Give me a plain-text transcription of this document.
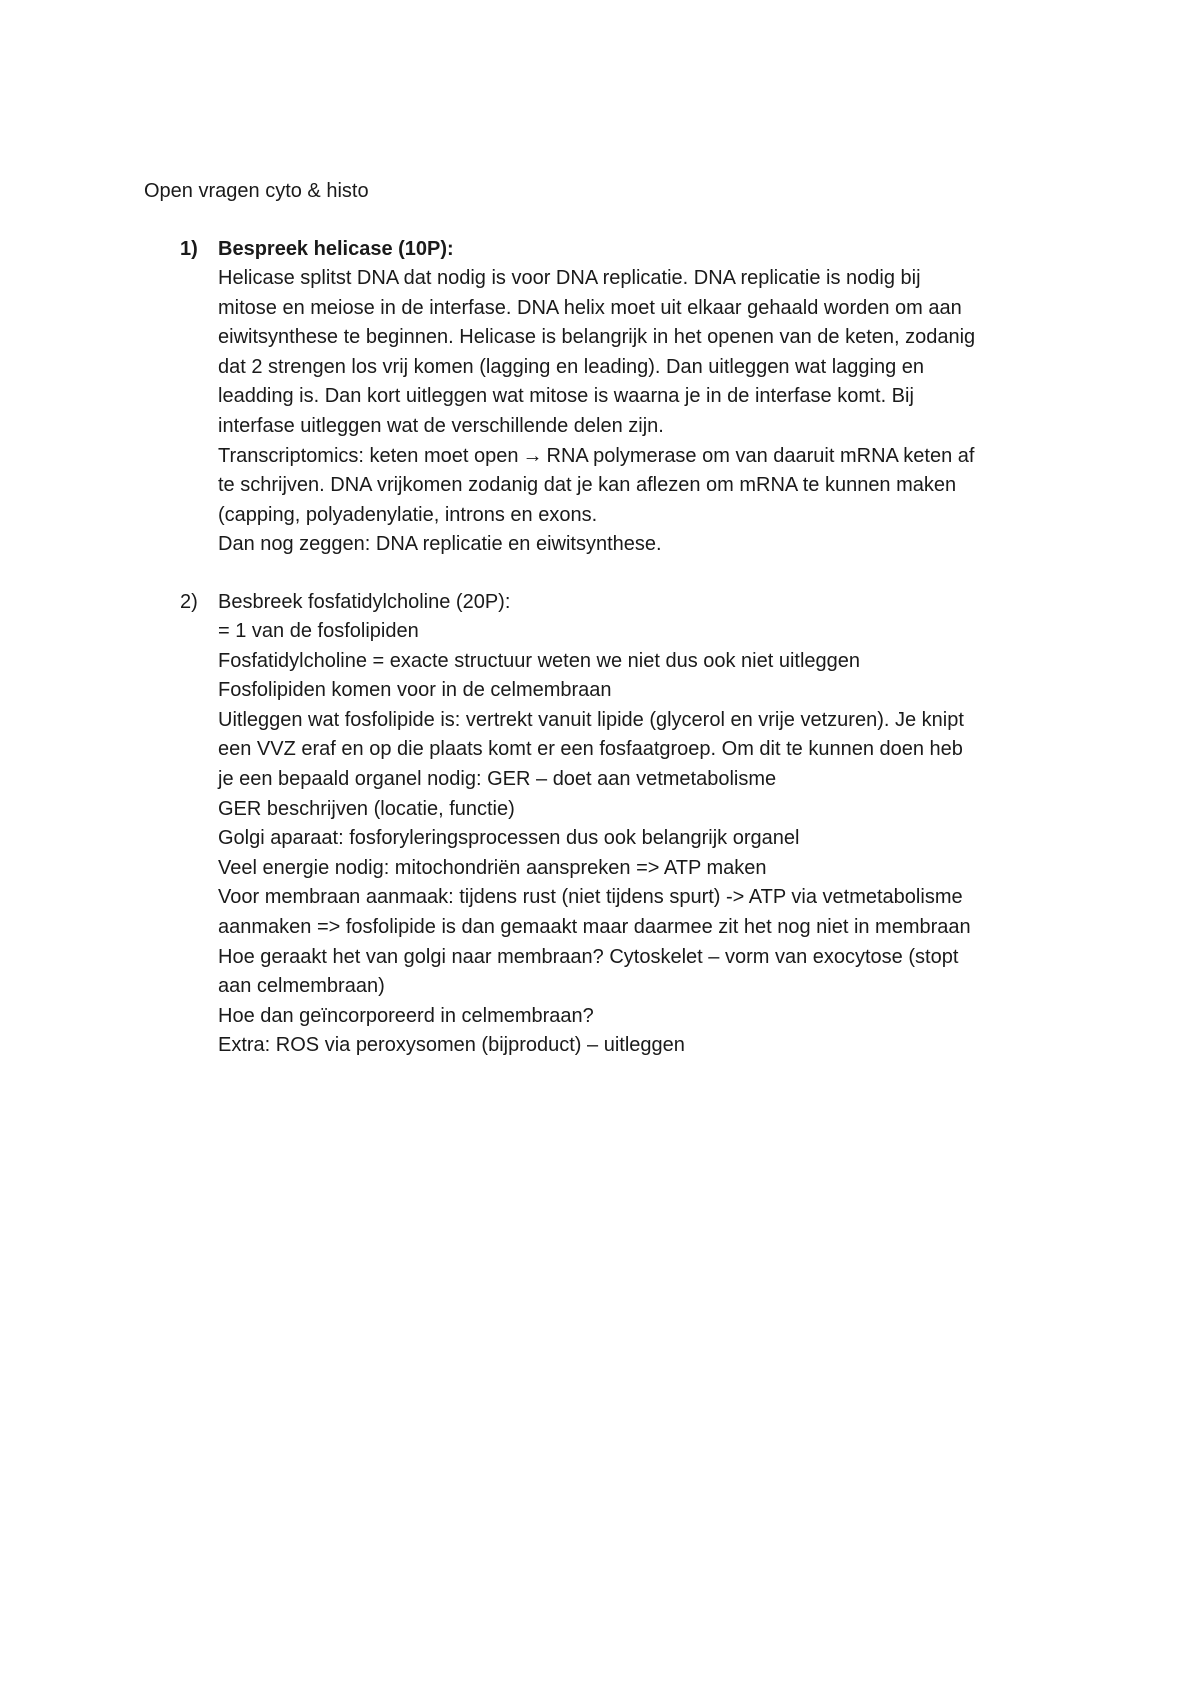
Open vragen cyto & histo
1) Bespreek helicase (10P):
Helicase splitst DNA dat nodig is voor DNA replicatie. DNA replicatie is nodig bij
mitose en meiose in de interfase. DNA helix moet uit elkaar gehaald worden om aan
eiwitsynthese te beginnen. Helicase is belangrijk in het openen van de keten, zodanig
dat 2 strengen los vrij komen (lagging en leading). Dan uitleggen wat lagging en
leadding is. Dan kort uitleggen wat mitose is waarna je in de interfase komt. Bij
interfase uitleggen wat de verschillende delen zijn.
Transcriptomics: keten moet open → RNA polymerase om van daaruit mRNA keten af
te schrijven. DNA vrijkomen zodanig dat je kan aflezen om mRNA te kunnen maken
(capping, polyadenylatie, introns en exons.
Dan nog zeggen: DNA replicatie en eiwitsynthese.
2) Besbreek fosfatidylcholine (20P):
= 1 van de fosfolipiden
Fosfatidylcholine = exacte structuur weten we niet dus ook niet uitleggen
Fosfolipiden komen voor in de celmembraan
Uitleggen wat fosfolipide is: vertrekt vanuit lipide (glycerol en vrije vetzuren). Je knipt
een VVZ eraf en op die plaats komt er een fosfaatgroep. Om dit te kunnen doen heb
je een bepaald organel nodig: GER – doet aan vetmetabolisme
GER beschrijven (locatie, functie)
Golgi aparaat: fosforyleringsprocessen dus ook belangrijk organel
Veel energie nodig: mitochondriën aanspreken => ATP maken
Voor membraan aanmaak: tijdens rust (niet tijdens spurt) -> ATP via vetmetabolisme
aanmaken => fosfolipide is dan gemaakt maar daarmee zit het nog niet in membraan
Hoe geraakt het van golgi naar membraan? Cytoskelet – vorm van exocytose (stopt
aan celmembraan)
Hoe dan geïncorporeerd in celmembraan?
Extra: ROS via peroxysomen (bijproduct) – uitleggen
